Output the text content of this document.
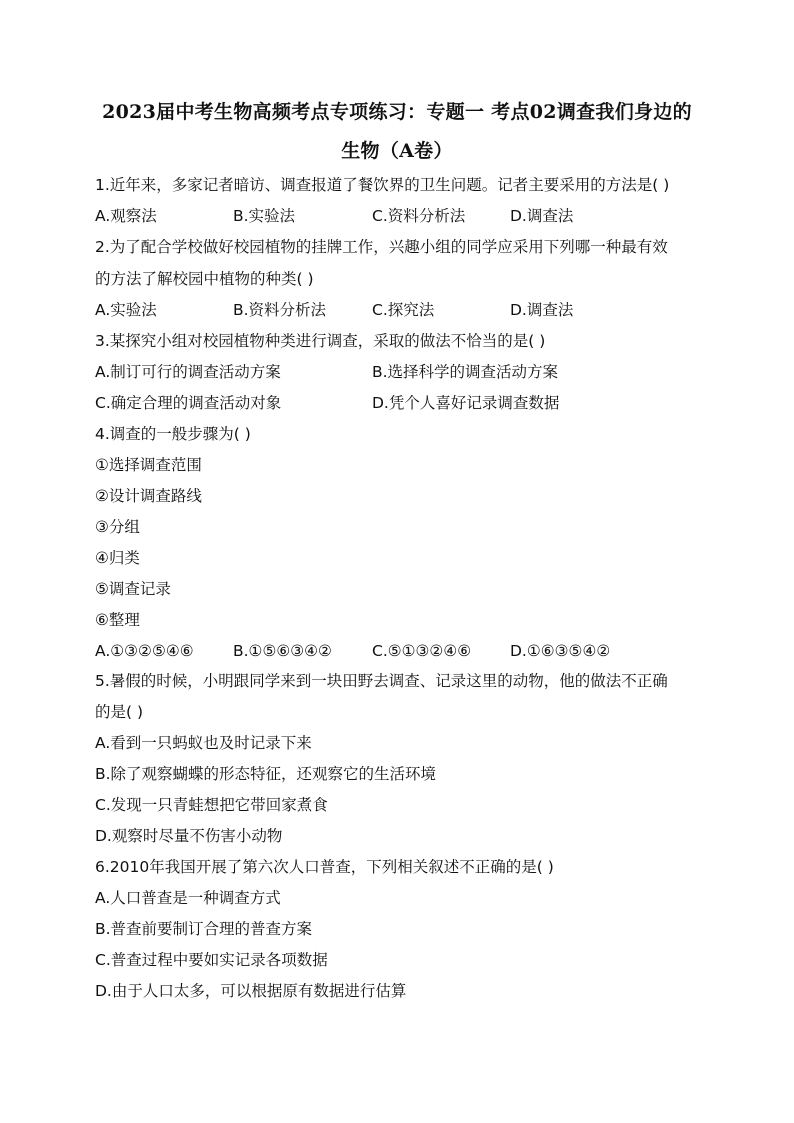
2023届中考生物高频考点专项练习：专题一 考点02调查我们身边的
生物（A卷）
1.近年来，多家记者暗访、调查报道了餐饮界的卫生问题。记者主要采用的方法是( )
A.观察法	B.实验法	C.资料分析法	D.调查法
2.为了配合学校做好校园植物的挂牌工作，兴趣小组的同学应采用下列哪一种最有效
的方法了解校园中植物的种类( )
A.实验法	B.资料分析法	C.探究法	D.调查法
3.某探究小组对校园植物种类进行调查，采取的做法不恰当的是( )
A.制订可行的调查活动方案	B.选择科学的调查活动方案
C.确定合理的调查活动对象	D.凭个人喜好记录调查数据
4.调查的一般步骤为( )
①选择调查范围
②设计调查路线
③分组
④归类
⑤调查记录
⑥整理
A.①③②⑤④⑥	B.①⑤⑥③④②	C.⑤①③②④⑥	D.①⑥③⑤④②
5.暑假的时候，小明跟同学来到一块田野去调查、记录这里的动物，他的做法不正确
的是( )
A.看到一只蚂蚁也及时记录下来
B.除了观察蝴蝶的形态特征，还观察它的生活环境
C.发现一只青蛙想把它带回家煮食
D.观察时尽量不伤害小动物
6.2010年我国开展了第六次人口普查，下列相关叙述不正确的是( )
A.人口普查是一种调查方式
B.普查前要制订合理的普查方案
C.普查过程中要如实记录各项数据
D.由于人口太多，可以根据原有数据进行估算
